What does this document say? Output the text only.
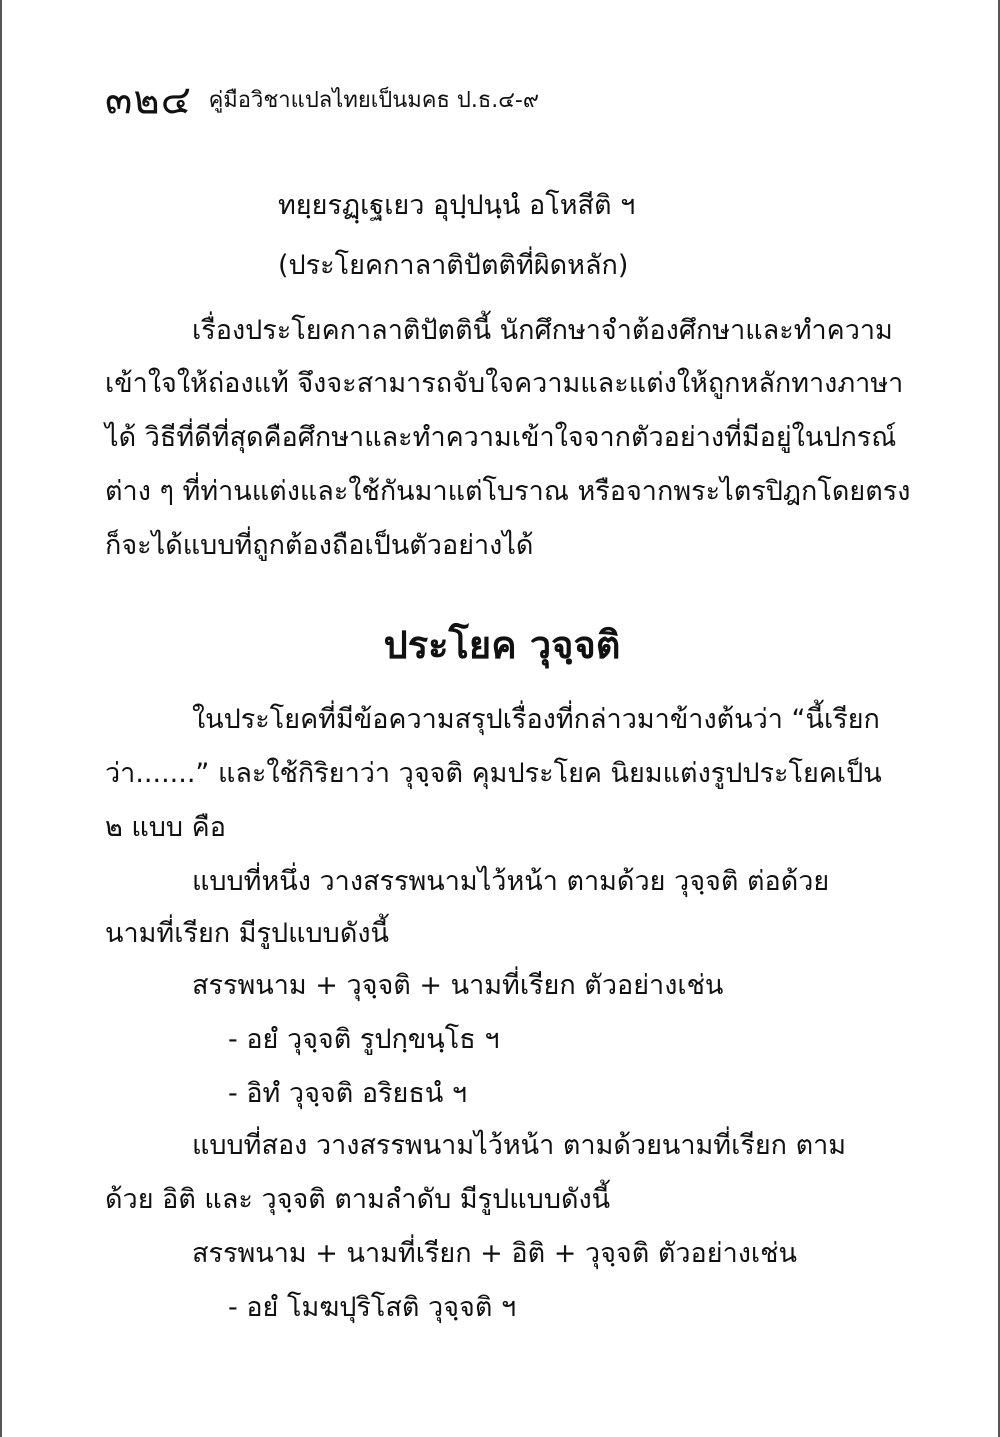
๓๒๔ คู่มือวิชาแปลไทยเป็นมคธ ป.ธ.๔-๙

ทยฺยรฏฺเฐเยว อุปฺปนฺนํ อโหสีติ ฯ

(ประโยคกาลาติปัตติที่ผิดหลัก)

เรื่องประโยคกาลาติปัตตินี้ นักศึกษาจำต้องศึกษาและทำความ

เข้าใจให้ถ่องแท้ จึงจะสามารถจับใจความและแต่งให้ถูกหลักทางภาษา

ได้ วิธีที่ดีที่สุดคือศึกษาและทำความเข้าใจจากตัวอย่างที่มีอยู่ในปกรณ์

ต่าง ๆ ที่ท่านแต่งและใช้กันมาแต่โบราณ หรือจากพระไตรปิฎกโดยตรง

ก็จะได้แบบที่ถูกต้องถือเป็นตัวอย่างได้

ประโยค วุจฺจติ

ในประโยคที่มีข้อความสรุปเรื่องที่กล่าวมาข้างต้นว่า “นี้เรียก

ว่า.......” และใช้กิริยาว่า วุจฺจติ คุมประโยค นิยมแต่งรูปประโยคเป็น

๒ แบบ คือ

แบบที่หนึ่ง วางสรรพนามไว้หน้า ตามด้วย วุจฺจติ ต่อด้วย

นามที่เรียก มีรูปแบบดังนี้

สรรพนาม + วุจฺจติ + นามที่เรียก ตัวอย่างเช่น

- อยํ วุจฺจติ รูปกฺขนฺโธ ฯ

- อิทํ วุจฺจติ อริยธนํ ฯ

แบบที่สอง วางสรรพนามไว้หน้า ตามด้วยนามที่เรียก ตาม

ด้วย อิติ และ วุจฺจติ ตามลำดับ มีรูปแบบดังนี้

สรรพนาม + นามที่เรียก + อิติ + วุจฺจติ ตัวอย่างเช่น

- อยํ โมฆปุริโสติ วุจฺจติ ฯ
